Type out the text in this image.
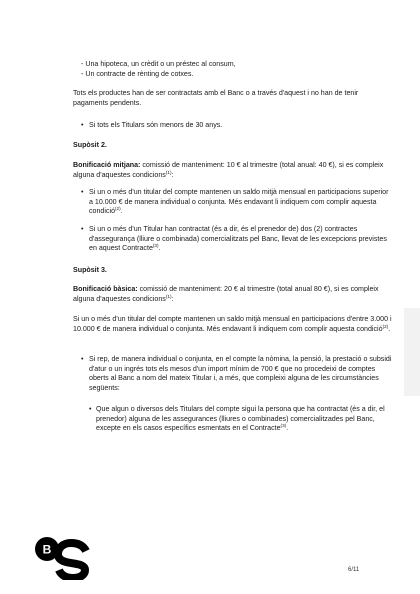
- Una hipoteca, un crèdit o un préstec al consum,

- Un contracte de rènting de cotxes.

Tots els productes han de ser contractats amb el Banc o a través d'aquest i no han de tenir pagaments pendents.

• Si tots els Titulars són menors de 30 anys.

Supòsit 2.

Bonificació mitjana: comissió de manteniment: 10 € al trimestre (total anual: 40 €), si es compleix alguna d'aquestes condicions$^{(1)}$:

• Si un o més d'un titular del compte mantenen un saldo mitjà mensual en participacions superior a 10.000 € de manera individual o conjunta. Més endavant li indiquem com complir aquesta condició$^{(2)}$.
• Si un o més d'un Titular han contractat (és a dir, és el prenedor de) dos (2) contractes d'assegurança (lliure o combinada) comercialitzats pel Banc, llevat de les excepcions previstes en aquest Contracte$^{(3)}$.

Supòsit 3.

Bonificació bàsica: comissió de manteniment: 20 € al trimestre (total anual 80 €), si es compleix alguna d'aquestes condicions$^{(1)}$:

Si un o més d'un titular del compte mantenen un saldo mitjà mensual en participacions d'entre 3.000 i 10.000 € de manera individual o conjunta. Més endavant li indiquem com complir aquesta condició$^{(2)}$.

• Si rep, de manera individual o conjunta, en el compte la nòmina, la pensió, la prestació o subsidi d'atur o un ingrés tots els mesos d'un import mínim de 700 € que no procedeixi de comptes oberts al Banc a nom del mateix Titular i, a més, que compleixi alguna de les circumstàncies següents:
• Que algun o diversos dels Titulars del compte sigui la persona que ha contractat (és a dir, el prenedor) alguna de les assegurances (lliures o combinades) comercialitzades pel Banc, excepte en els casos específics esmentats en el Contracte$^{(3)}$.
B
6/11
